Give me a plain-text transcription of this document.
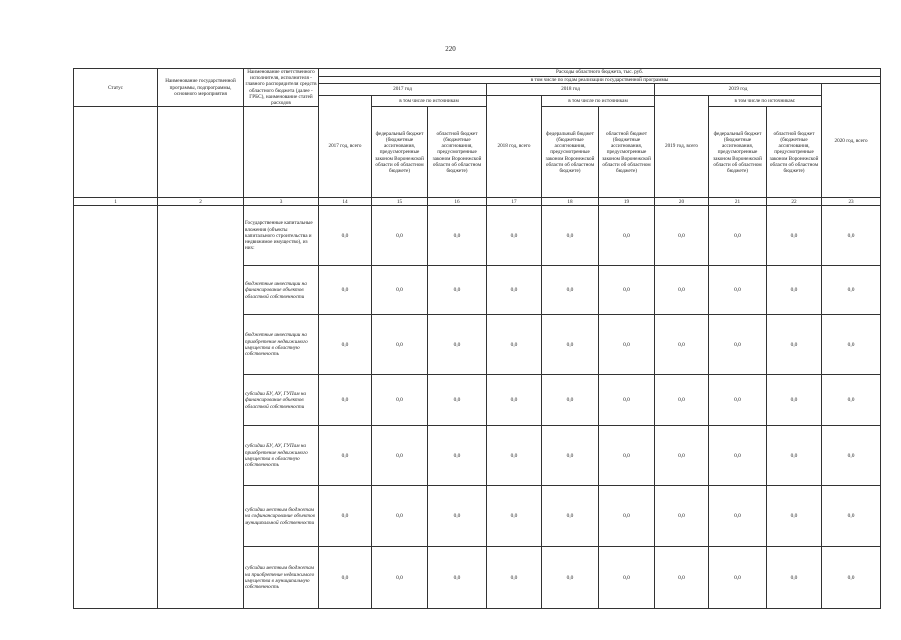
220
Статус	Наименование государственной программы, подпрограммы, основного мероприятия	Наименование ответственного исполнителя, исполнителя - главного распорядителя средств областного бюджета (далее - ГРБС), наименование статей расходов	Расходы областного бюджета, тыс. руб.									
			в том числе по годам реализации государственной программы									
			2017 год			2018 год			2019 год			2020 год, всего
			2017 год, всего	в том числе по источникам		2018 год, всего	в том числе по источникам		2019 год, всего	в том числе по источникам:		
				федеральный бюджет (бюджетные ассигнования, предусмотренные законом Воронежской области об областном бюджете)	областной бюджет (бюджетные ассигнования, предусмотренные законом Воронежской области об областном бюджете)		федеральный бюджет (бюджетные ассигнования, предусмотренные законом Воронежской области об областном бюджете)	областной бюджет (бюджетные ассигнования, предусмотренные законом Воронежской области об областном бюджете)		федеральный бюджет (бюджетные ассигнования, предусмотренные законом Воронежской области об областном бюджете)	областной бюджет (бюджетные ассигнования, предусмотренные законом Воронежской области об областном бюджете)	
1	2	3	14	15	16	17	18	19	20	21	22	23
		Государственные капитальные вложения (объекты капитального строительства и недвижимое имущество), из них:	0,0	0,0	0,0	0,0	0,0	0,0	0,0	0,0	0,0	0,0
		бюджетные инвестиции на финансирование объектов областной собственности	0,0	0,0	0,0	0,0	0,0	0,0	0,0	0,0	0,0	0,0
		бюджетные инвестиции на приобретение недвижимого имущества в областную собственность	0,0	0,0	0,0	0,0	0,0	0,0	0,0	0,0	0,0	0,0
		субсидии БУ, АУ, ГУПам на финансирование объектов областной собственности	0,0	0,0	0,0	0,0	0,0	0,0	0,0	0,0	0,0	0,0
		субсидии БУ, АУ, ГУПам на приобретение недвижимого имущества в областную собственность	0,0	0,0	0,0	0,0	0,0	0,0	0,0	0,0	0,0	0,0
		субсидии местным бюджетам на софинансирование объектов муниципальной собственности	0,0	0,0	0,0	0,0	0,0	0,0	0,0	0,0	0,0	0,0
		субсидии местным бюджетам на приобретение недвижимого имущества в муниципальную собственность	0,0	0,0	0,0	0,0	0,0	0,0	0,0	0,0	0,0	0,0
